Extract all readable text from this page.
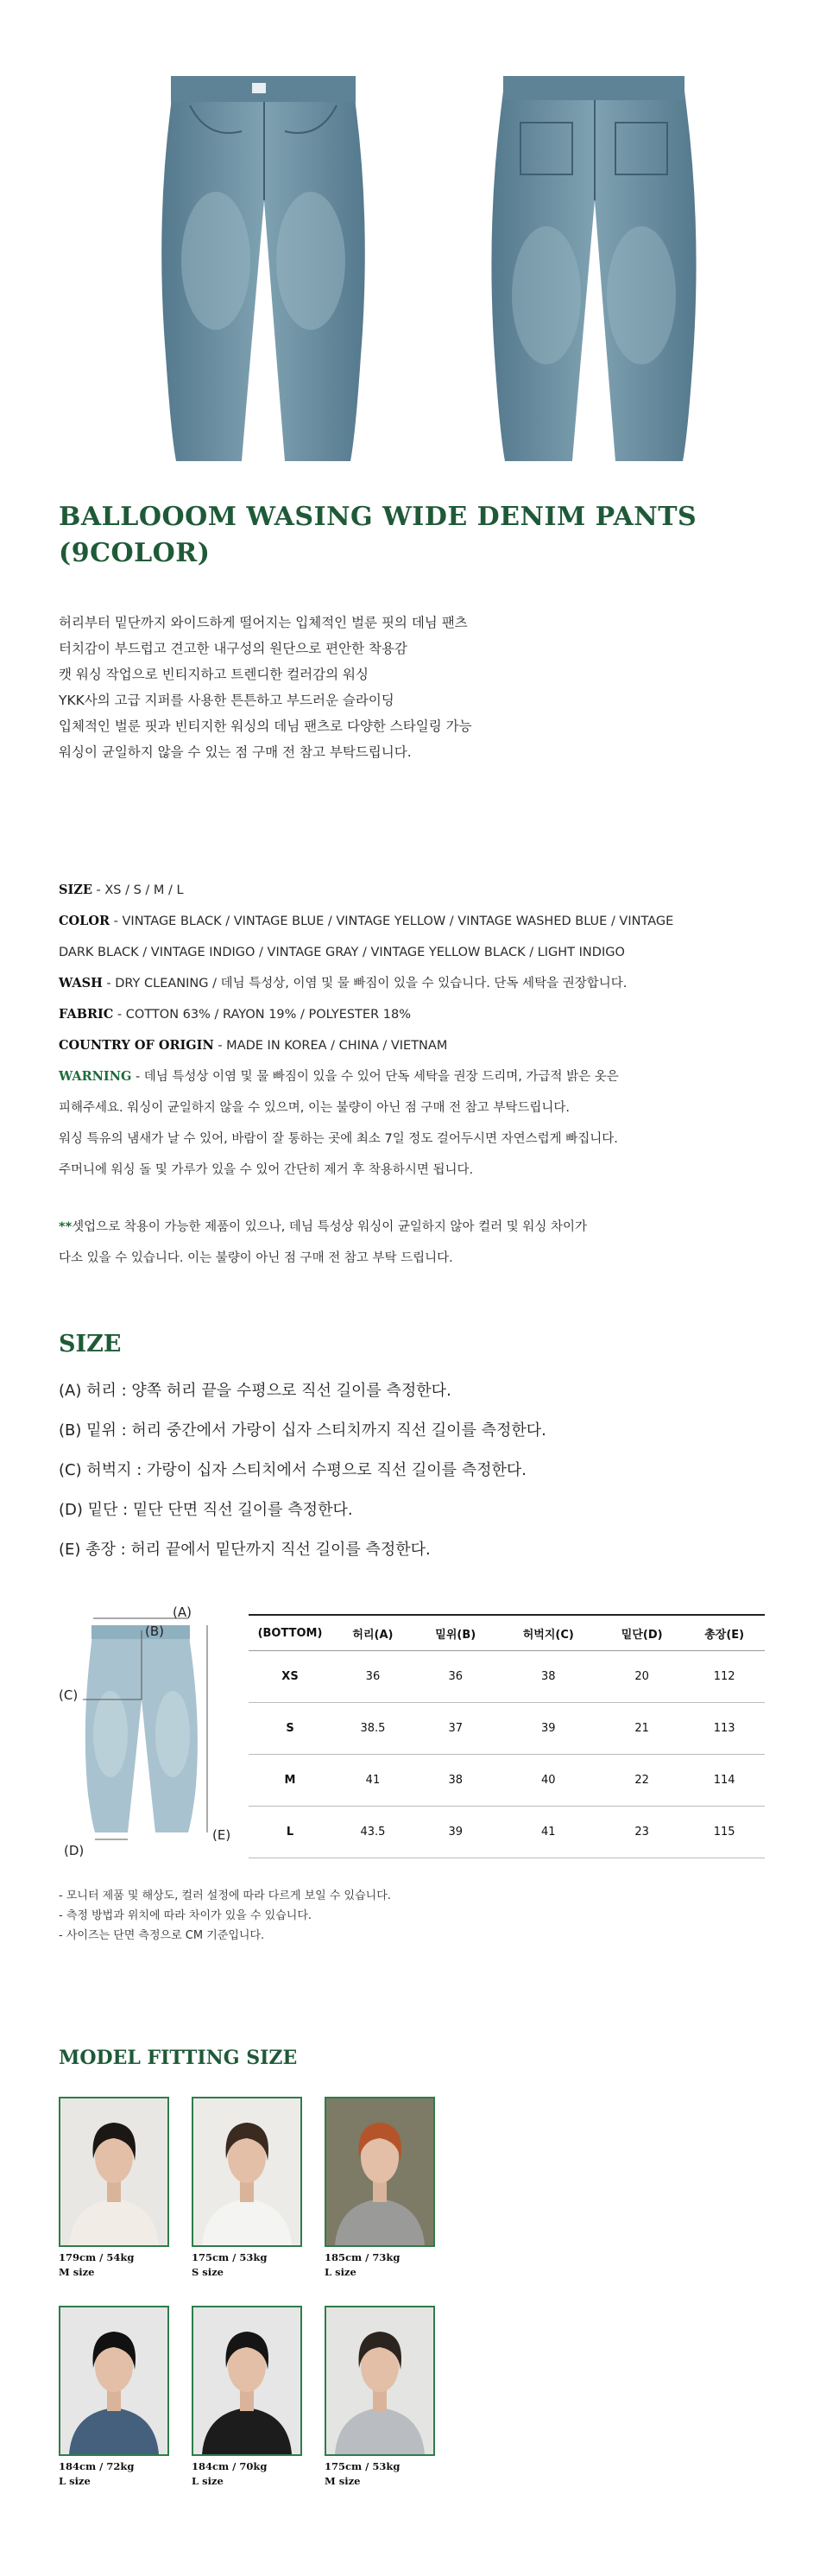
BALLOOOM WASING WIDE DENIM PANTS
(9COLOR)
허리부터 밑단까지 와이드하게 떨어지는 입체적인 벌룬 핏의 데님 팬츠
터치감이 부드럽고 견고한 내구성의 원단으로 편안한 착용감
캣 워싱 작업으로 빈티지하고 트렌디한 컬러감의 워싱
YKK사의 고급 지퍼를 사용한 튼튼하고 부드러운 슬라이딩
입체적인 벌룬 핏과 빈티지한 워싱의 데님 팬츠로 다양한 스타일링 가능
워싱이 균일하지 않을 수 있는 점 구매 전 참고 부탁드립니다.
SIZE - XS / S / M / L
COLOR - VINTAGE BLACK / VINTAGE BLUE / VINTAGE YELLOW / VINTAGE WASHED BLUE / VINTAGE
DARK BLACK / VINTAGE INDIGO / VINTAGE GRAY / VINTAGE YELLOW BLACK / LIGHT INDIGO
WASH - DRY CLEANING / 데님 특성상, 이염 및 물 빠짐이 있을 수 있습니다. 단독 세탁을 권장합니다.
FABRIC - COTTON 63% / RAYON 19% / POLYESTER 18%
COUNTRY OF ORIGIN - MADE IN KOREA / CHINA / VIETNAM
WARNING - 데님 특성상 이염 및 물 빠짐이 있을 수 있어 단독 세탁을 권장 드리며, 가급적 밝은 옷은
피해주세요. 워싱이 균일하지 않을 수 있으며, 이는 불량이 아닌 점 구매 전 참고 부탁드립니다.
워싱 특유의 냄새가 날 수 있어, 바람이 잘 통하는 곳에 최소 7일 정도 걸어두시면 자연스럽게 빠집니다.
주머니에 워싱 돌 및 가루가 있을 수 있어 간단히 제거 후 착용하시면 됩니다.
**셋업으로 착용이 가능한 제품이 있으나, 데님 특성상 워싱이 균일하지 않아 컬러 및 워싱 차이가
다소 있을 수 있습니다. 이는 불량이 아닌 점 구매 전 참고 부탁 드립니다.
SIZE
(A) 허리 : 양쪽 허리 끝을 수평으로 직선 길이를 측정한다.
(B) 밑위 : 허리 중간에서 가랑이 십자 스티치까지 직선 길이를 측정한다.
(C) 허벅지 : 가랑이 십자 스티치에서 수평으로 직선 길이를 측정한다.
(D) 밑단 : 밑단 단면 직선 길이를 측정한다.
(E) 총장 : 허리 끝에서 밑단까지 직선 길이를 측정한다.
(A)
(B)
(C)
(D)
(E)
(BOTTOM)	허리(A)	밑위(B)	허벅지(C)	밑단(D)	총장(E)
XS	36	36	38	20	112
S	38.5	37	39	21	113
M	41	38	40	22	114
L	43.5	39	41	23	115
- 모니터 제품 및 해상도, 컬러 설정에 따라 다르게 보일 수 있습니다.
- 측정 방법과 위치에 따라 차이가 있을 수 있습니다.
- 사이즈는 단면 측정으로 CM 기준입니다.
MODEL FITTING SIZE
179cm / 54kg
M size
175cm / 53kg
S size
185cm / 73kg
L size
184cm / 72kg
L size
184cm / 70kg
L size
175cm / 53kg
M size
